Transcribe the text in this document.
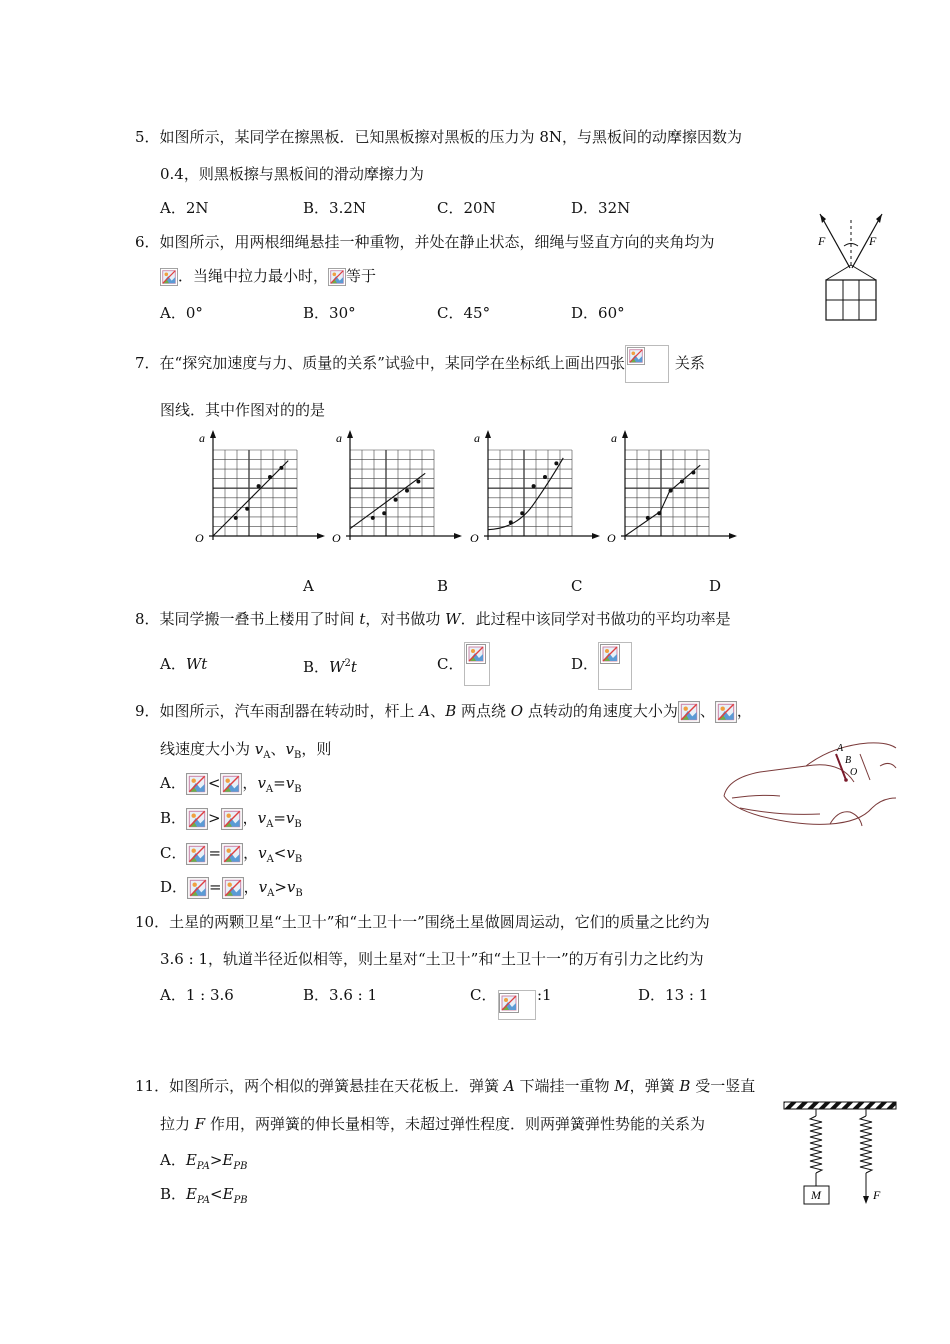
5．如图所示，某同学在擦黑板．已知黑板擦对黑板的压力为 8N，与黑板间的动摩擦因数为
0.4，则黑板擦与黑板间的滑动摩擦力为
A．2N	B．3.2N	C．20N	D．32N
6．如图所示，用两根细绳悬挂一种重物，并处在静止状态，细绳与竖直方向的夹角均为
．当绳中拉力最小时， 等于
A．0°	B．30°	C．45°	D．60°
F	F
7．在“探究加速度与力、质量的关系”试验中，某同学在坐标纸上画出四张	关系
图线．其中作图对的的是
a
O
a
O
a
O
a
O
A	B	C	D
8．某同学搬一叠书上楼用了时间 t，对书做功 W．此过程中该同学对书做功的平均功率是
A．Wt	B．$W^2t$	C．	D．
9．如图所示，汽车雨刮器在转动时，杆上 A、B 两点绕 O 点转动的角速度大小为 、 ，
线速度大小为 $v_A$、$v_B$，则
A． < ，$v_A=v_B$
B． > ，$v_A=v_B$
C． = ，$v_A<v_B$
D． = ，$v_A>v_B$
A
B
O
10．土星的两颗卫星“土卫十”和“土卫十一”围绕土星做圆周运动，它们的质量之比约为
3.6 : 1，轨道半径近似相等，则土星对“土卫十”和“土卫十一”的万有引力之比约为
A．1 : 3.6	B．3.6 : 1	C．	:1	D．13 : 1
11．如图所示，两个相似的弹簧悬挂在天花板上．弹簧 A 下端挂一重物 M，弹簧 B 受一竖直
拉力 F 作用，两弹簧的伸长量相等，未超过弹性程度．则两弹簧弹性势能的关系为
A．$E_{PA}>E_{PB}$
B．$E_{PA}<E_{PB}$	M	F
